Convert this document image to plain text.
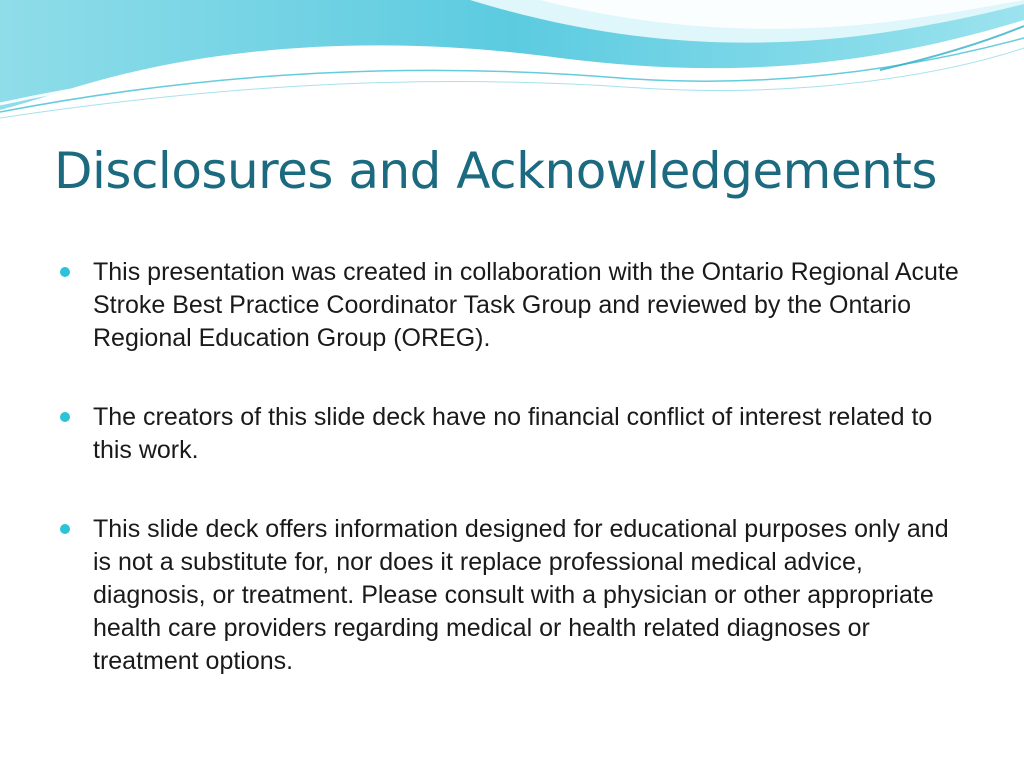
Disclosures and Acknowledgements
This presentation was created in collaboration with the Ontario Regional Acute Stroke Best Practice Coordinator Task Group and reviewed by the Ontario Regional Education Group (OREG).
The creators of this slide deck have no financial conflict of interest related to this work.
This slide deck offers information designed for educational purposes only and is not a substitute for, nor does it replace professional medical advice, diagnosis, or treatment. Please consult with a physician or other appropriate health care providers regarding medical or health related diagnoses or treatment options.
